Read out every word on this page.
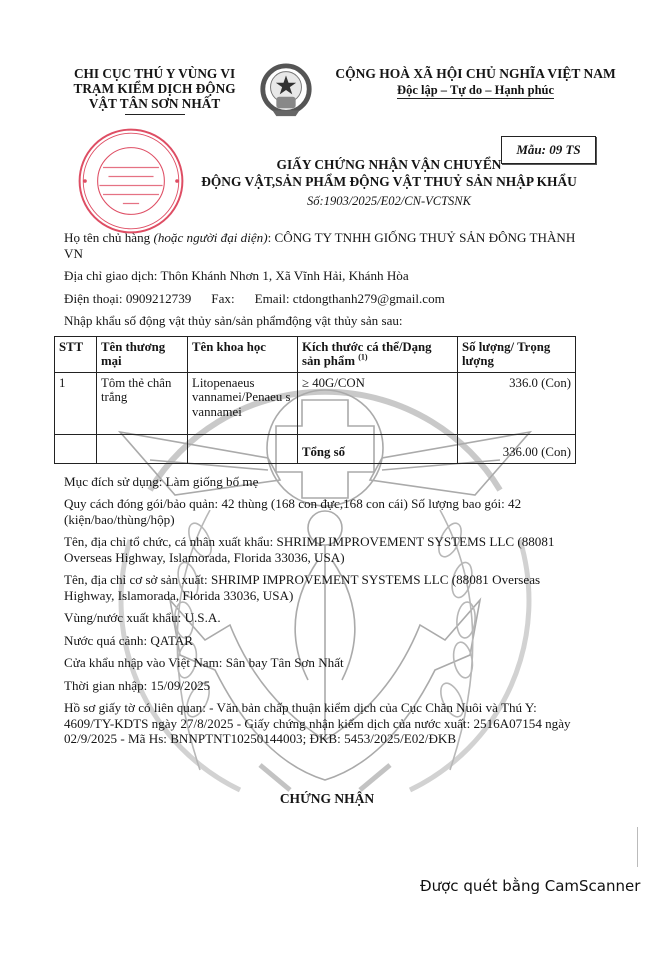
CHI CỤC THÚ Y VÙNG VI
TRẠM KIỂM DỊCH ĐỘNG
VẬT TÂN SƠN NHẤT
CỘNG HOÀ XÃ HỘI CHỦ NGHĨA VIỆT NAM
Độc lập – Tự do – Hạnh phúc
Mẫu: 09 TS
GIẤY CHỨNG NHẬN VẬN CHUYỂN
ĐỘNG VẬT,SẢN PHẨM ĐỘNG VẬT THUỶ SẢN NHẬP KHẨU
Số:1903/2025/E02/CN-VCTSNK
Họ tên chủ hàng (hoặc người đại diện): CÔNG TY TNHH GIỐNG THUỶ SẢN ĐÔNG THÀNH VN
Địa chỉ giao dịch: Thôn Khánh Nhơn 1, Xã Vĩnh Hải, Khánh Hòa
Điện thoại: 0909212739 Fax: Email: ctdongthanh279@gmail.com
Nhập khẩu số động vật thủy sản/sản phẩmđộng vật thủy sản sau:
STT	Tên thương mại	Tên khoa học	Kích thước cá thể/Dạng sản phẩm $^{(1)}$	Số lượng/ Trọng lượng
1	Tôm thẻ chân trắng	Litopenaeus vannamei/Penaeu s vannamei	≥ 40G/CON	336.0 (Con)
			Tổng số	336.00 (Con)
Mục đích sử dụng: Làm giống bố mẹ
Quy cách đóng gói/bảo quản: 42 thùng (168 con đực,168 con cái) Số lượng bao gói: 42 (kiện/bao/thùng/hộp)
Tên, địa chỉ tổ chức, cá nhân xuất khẩu: SHRIMP IMPROVEMENT SYSTEMS LLC (88081 Overseas Highway, Islamorada, Florida 33036, USA)
Tên, địa chỉ cơ sở sản xuất: SHRIMP IMPROVEMENT SYSTEMS LLC (88081 Overseas Highway, Islamorada, Florida 33036, USA)
Vùng/nước xuất khẩu: U.S.A.
Nước quá cảnh: QATAR
Cửa khẩu nhập vào Việt Nam: Sân bay Tân Sơn Nhất
Thời gian nhập: 15/09/2025
Hồ sơ giấy tờ có liên quan: - Văn bản chấp thuận kiểm dịch của Cục Chăn Nuôi và Thú Y: 4609/TY-KDTS ngày 27/8/2025 - Giấy chứng nhận kiểm dịch của nước xuất: 2516A07154 ngày 02/9/2025 - Mã Hs: BNNPTNT10250144003; ĐKB: 5453/2025/E02/ĐKB
CHỨNG NHẬN
Được quét bằng CamScanner
